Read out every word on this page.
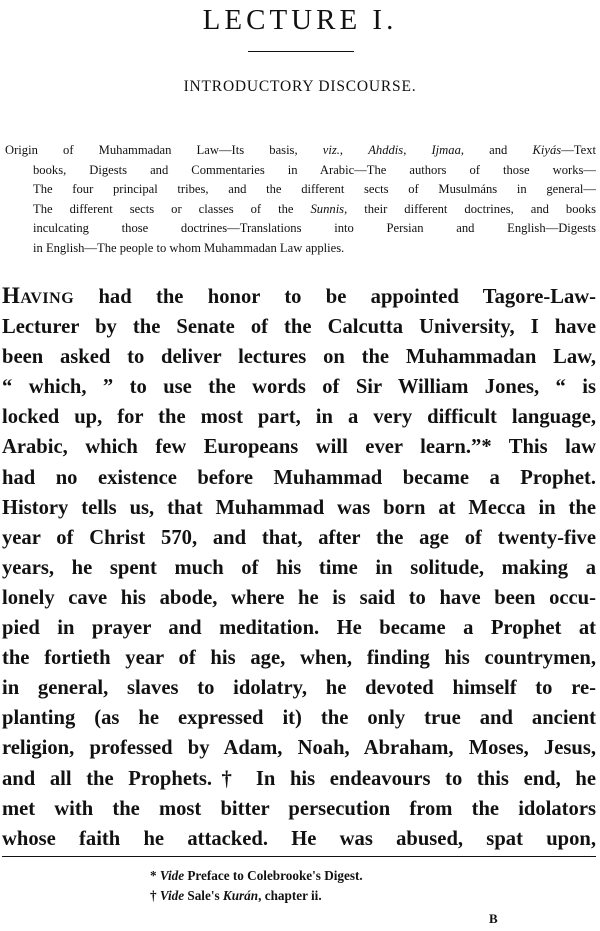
LECTURE I.
INTRODUCTORY DISCOURSE.
Origin of Muhammadan Law—Its basis, viz., Ahddis, Ijmaa, and Kiyás—Text
books, Digests and Commentaries in Arabic—The authors of those works—
The four principal tribes, and the different sects of Musulmáns in general—
The different sects or classes of the Sunnis, their different doctrines, and books
inculcating those doctrines—Translations into Persian and English—Digests
in English—The people to whom Muhammadan Law applies.
Having had the honor to be appointed Tagore-Law-
Lecturer by the Senate of the Calcutta University, I have
been asked to deliver lectures on the Muhammadan Law,
“ which, ” to use the words of Sir William Jones, “ is
locked up, for the most part, in a very difficult language,
Arabic, which few Europeans will ever learn.”* This law
had no existence before Muhammad became a Prophet.
History tells us, that Muhammad was born at Mecca in the
year of Christ 570, and that, after the age of twenty-five
years, he spent much of his time in solitude, making a
lonely cave his abode, where he is said to have been occu-
pied in prayer and meditation. He became a Prophet at
the fortieth year of his age, when, finding his countrymen,
in general, slaves to idolatry, he devoted himself to re-
planting (as he expressed it) the only true and ancient
religion, professed by Adam, Noah, Abraham, Moses, Jesus,
and all the Prophets.† In his endeavours to this end, he
met with the most bitter persecution from the idolators
whose faith he attacked. He was abused, spat upon,
* Vide Preface to Colebrooke's Digest.
† Vide Sale's Kurán, chapter ii.
B
